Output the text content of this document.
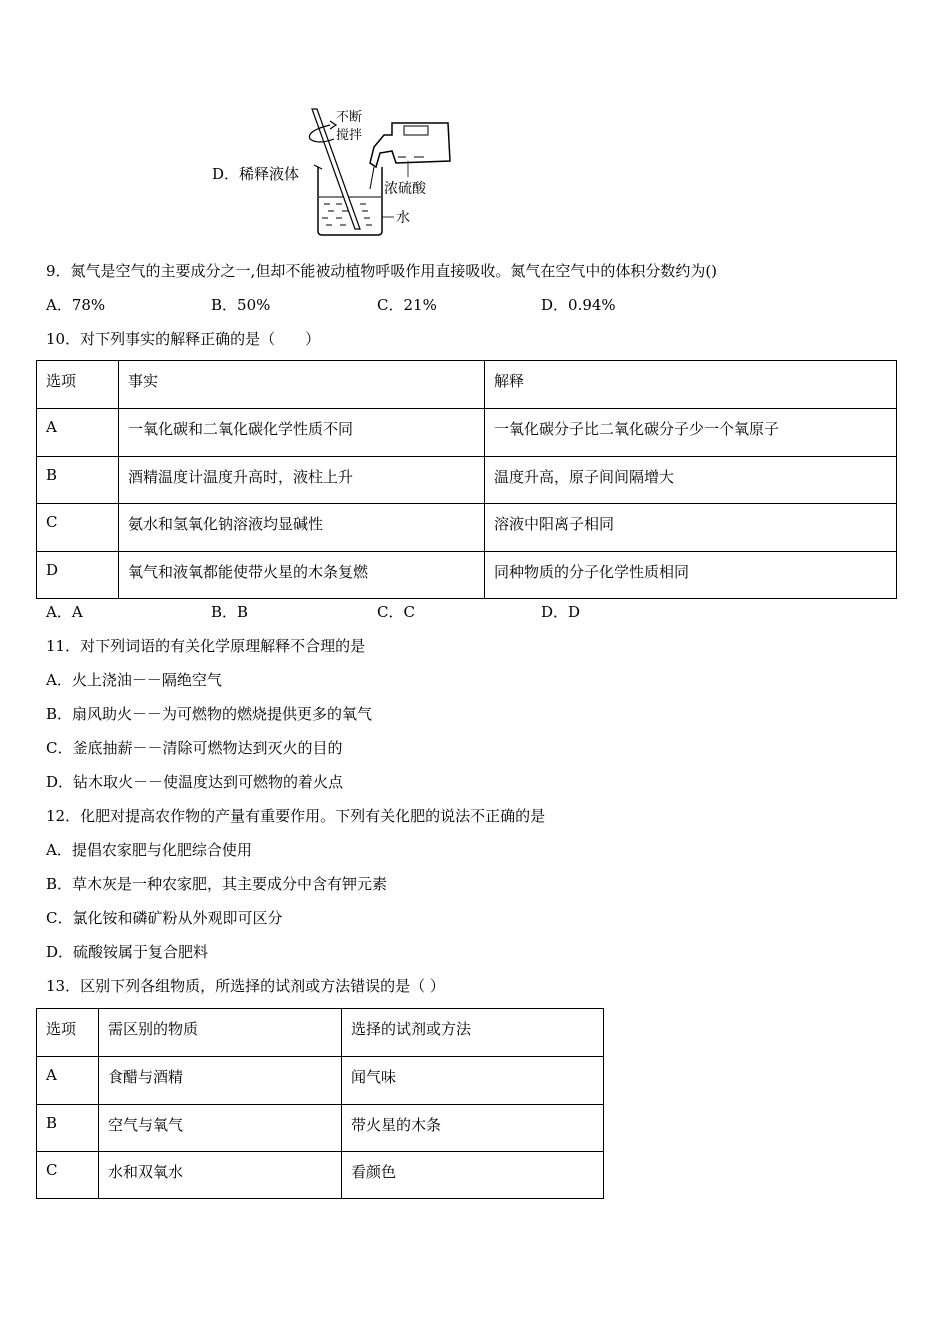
D．稀释液体
不断
搅拌
浓硫酸
水
9．氮气是空气的主要成分之一,但却不能被动植物呼吸作用直接吸收。氮气在空气中的体积分数约为()
A．78%	B．50%	C．21%	D．0.94%
10．对下列事实的解释正确的是（　　）
选项	事实	解释
A	一氧化碳和二氧化碳化学性质不同	一氧化碳分子比二氧化碳分子少一个氧原子
B	酒精温度计温度升高时，液柱上升	温度升高，原子间间隔增大
C	氨水和氢氧化钠溶液均显碱性	溶液中阳离子相同
D	氧气和液氧都能使带火星的木条复燃	同种物质的分子化学性质相同
A．A	B．B	C．C	D．D
11．对下列词语的有关化学原理解释不合理的是
A．火上浇油－－隔绝空气
B．扇风助火－－为可燃物的燃烧提供更多的氧气
C．釜底抽薪－－清除可燃物达到灭火的目的
D．钻木取火－－使温度达到可燃物的着火点
12．化肥对提高农作物的产量有重要作用。下列有关化肥的说法不正确的是
A．提倡农家肥与化肥综合使用
B．草木灰是一种农家肥，其主要成分中含有钾元素
C．氯化铵和磷矿粉从外观即可区分
D．硫酸铵属于复合肥料
13．区别下列各组物质，所选择的试剂或方法错误的是（ ）
选项	需区别的物质	选择的试剂或方法
A	食醋与酒精	闻气味
B	空气与氧气	带火星的木条
C	水和双氧水	看颜色
